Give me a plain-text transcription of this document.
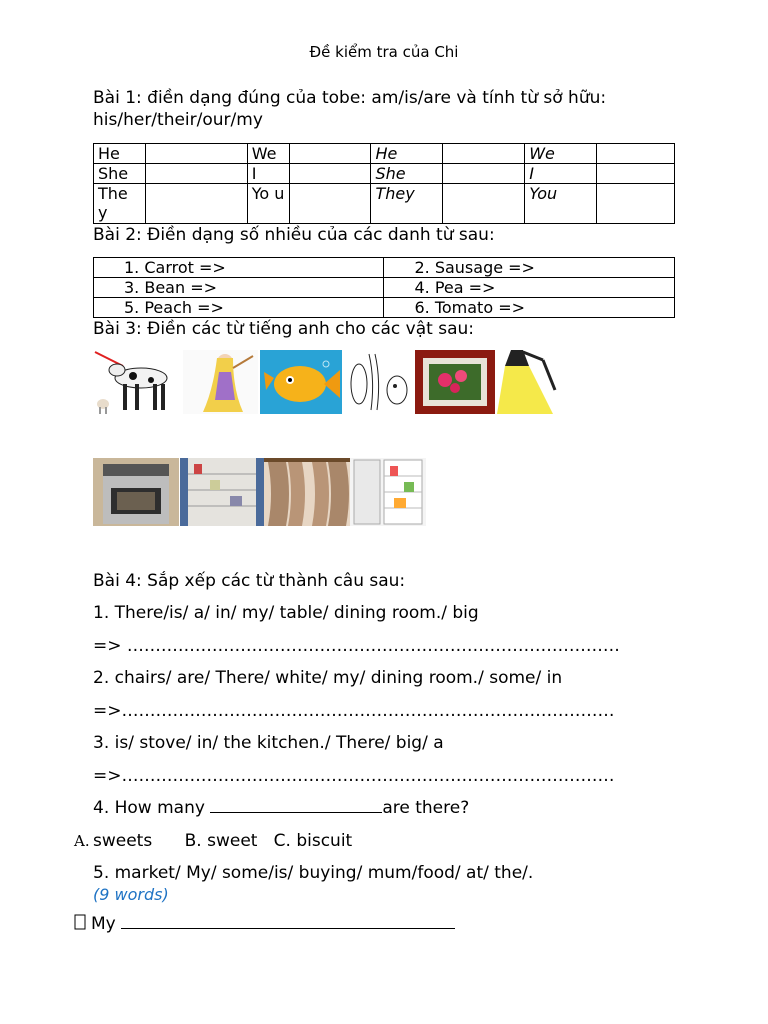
Đề kiểm tra của Chi
Bài 1: điền dạng đúng của tobe: am/is/are và tính từ sở hữu:
his/her/their/our/my
He		We		He		We	
She		I		She		I	
The y		Yo u		They		You	
Bài 2: Điền dạng số nhiều của các danh từ sau:
1. Carrot =>	2. Sausage =>
3. Bean =>	4. Pea =>
5. Peach =>	6. Tomato =>
Bài 3: Điền các từ tiếng anh cho các vật sau:
Bài 4: Sắp xếp các từ thành câu sau:
1. There/is/ a/ in/ my/ table/ dining room./ big
=> ……………………………………………………………………………
2. chairs/ are/ There/ white/ my/ dining room./ some/ in
=>……………………………………………………………………………
3. is/ stove/ in/ the kitchen./ There/ big/ a
=>……………………………………………………………………………
4. How many	are there?
A. sweets      B. sweet   C. biscuit
5. market/ My/ some/is/ buying/ mum/food/ at/ the/.
(9 words)
My
